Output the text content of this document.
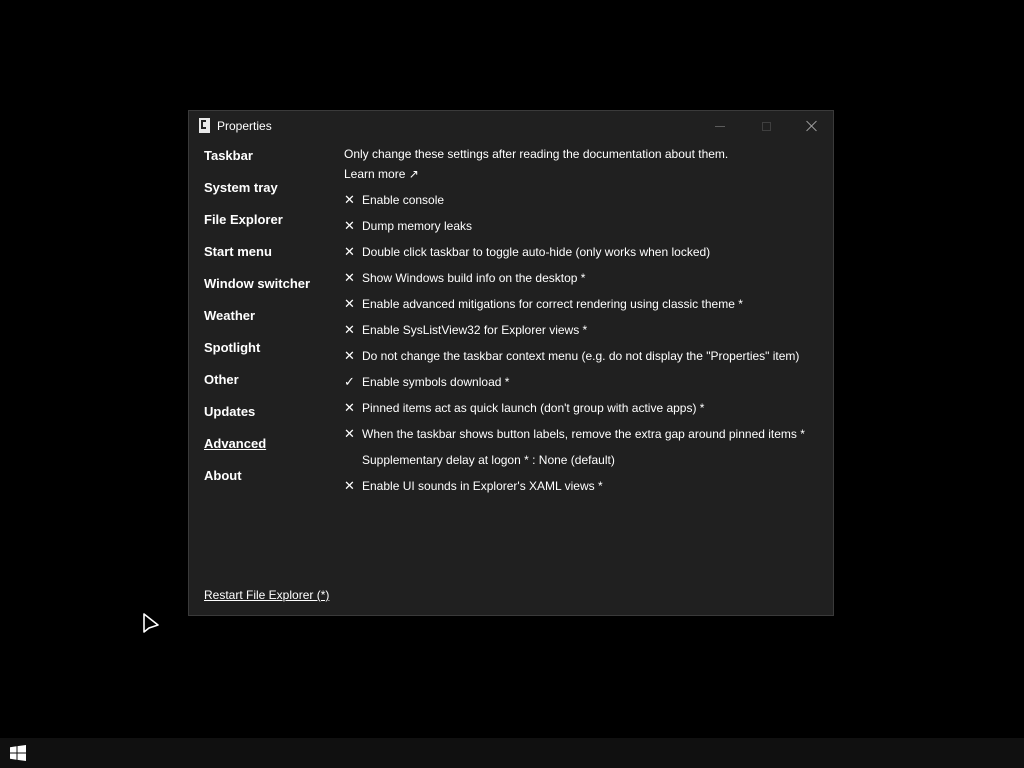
Properties
Taskbar
System tray
File Explorer
Start menu
Window switcher
Weather
Spotlight
Other
Updates
Advanced
About
Restart File Explorer (*)
Only change these settings after reading the documentation about them.
Learn more ↗
✕ Enable console
✕ Dump memory leaks
✕ Double click taskbar to toggle auto-hide (only works when locked)
✕ Show Windows build info on the desktop *
✕ Enable advanced mitigations for correct rendering using classic theme *
✕ Enable SysListView32 for Explorer views *
✕ Do not change the taskbar context menu (e.g. do not display the "Properties" item)
✓ Enable symbols download *
✕ Pinned items act as quick launch (don't group with active apps) *
✕ When the taskbar shows button labels, remove the extra gap around pinned items *
Supplementary delay at logon * : None (default)
✕ Enable UI sounds in Explorer's XAML views *
